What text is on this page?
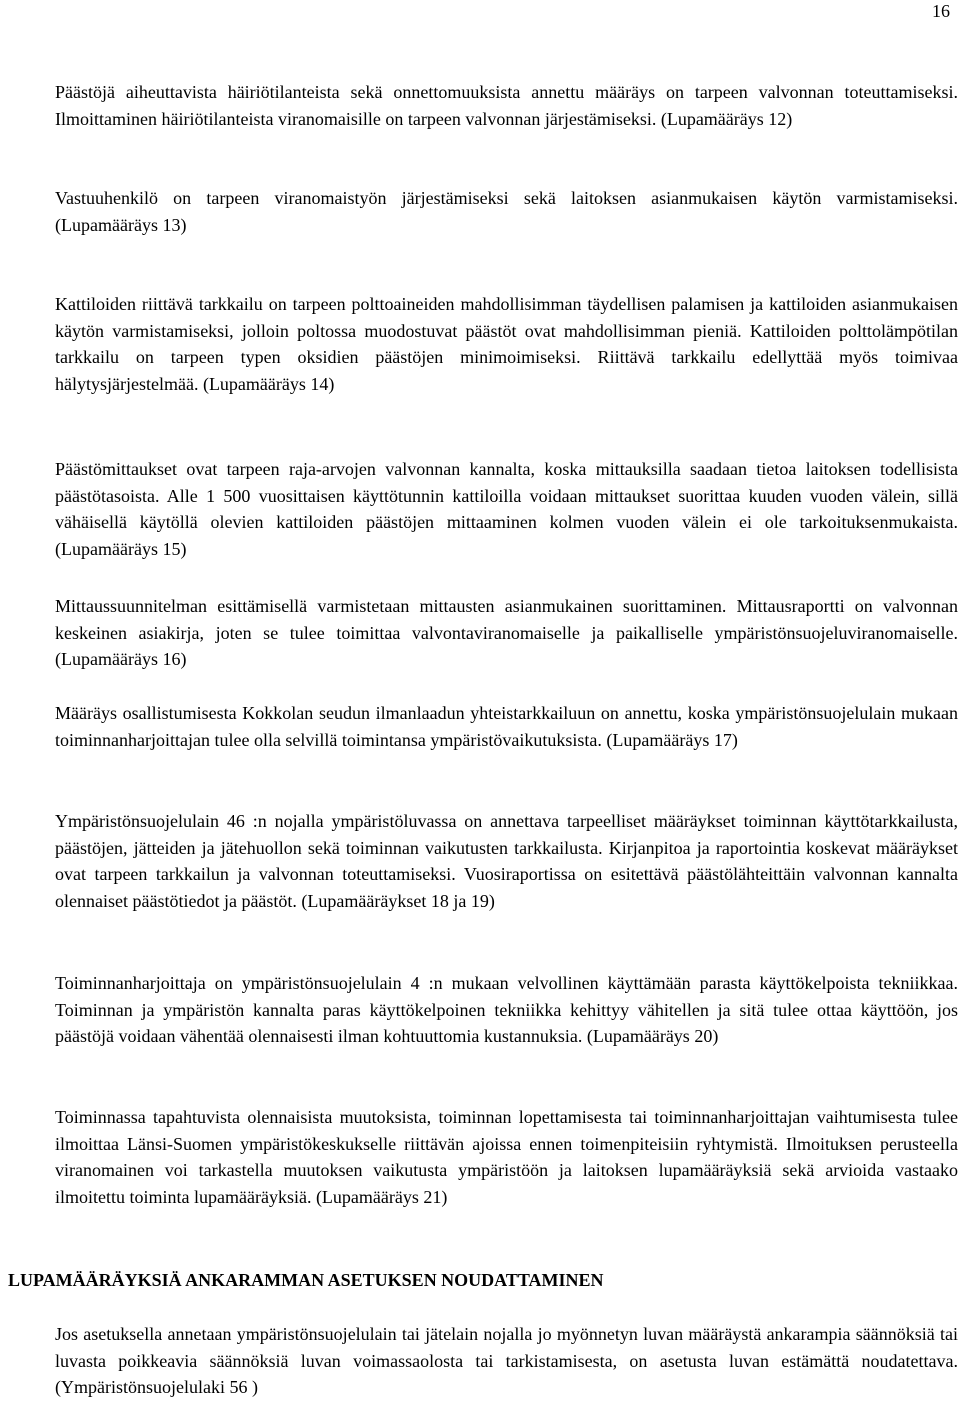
16

Päästöjä aiheuttavista häiriötilanteista sekä onnettomuuksista annettu määräys on tarpeen valvonnan toteuttamiseksi. Ilmoittaminen häiriötilanteista viranomaisille on tarpeen valvonnan järjestämiseksi. (Lupamääräys 12)

Vastuuhenkilö on tarpeen viranomaistyön järjestämiseksi sekä laitoksen asianmukaisen käytön varmistamiseksi. (Lupamääräys 13)

Kattiloiden riittävä tarkkailu on tarpeen polttoaineiden mahdollisimman täydellisen palamisen ja kattiloiden asianmukaisen käytön varmistamiseksi, jolloin poltossa muodostuvat päästöt ovat mahdollisimman pieniä. Kattiloiden polttolämpötilan tarkkailu on tarpeen typen oksidien päästöjen minimoimiseksi. Riittävä tarkkailu edellyttää myös toimivaa hälytysjärjestelmää. (Lupamääräys 14)

Päästömittaukset ovat tarpeen raja-arvojen valvonnan kannalta, koska mittauksilla saadaan tietoa laitoksen todellisista päästötasoista. Alle 1 500 vuosittaisen käyttötunnin kattiloilla voidaan mittaukset suorittaa kuuden vuoden välein, sillä vähäisellä käytöllä olevien kattiloiden päästöjen mittaaminen kolmen vuoden välein ei ole tarkoituksenmukaista. (Lupamääräys 15)

Mittaussuunnitelman esittämisellä varmistetaan mittausten asianmukainen suorittaminen. Mittausraportti on valvonnan keskeinen asiakirja, joten se tulee toimittaa valvontaviranomaiselle ja paikalliselle ympäristönsuojeluviranomaiselle. (Lupamääräys 16)

Määräys osallistumisesta Kokkolan seudun ilmanlaadun yhteistarkkailuun on annettu, koska ympäristönsuojelulain mukaan toiminnanharjoittajan tulee olla selvillä toimintansa ympäristövaikutuksista. (Lupamääräys 17)

Ympäristönsuojelulain 46 :n nojalla ympäristöluvassa on annettava tarpeelliset määräykset toiminnan käyttötarkkailusta, päästöjen, jätteiden ja jätehuollon sekä toiminnan vaikutusten tarkkailusta. Kirjanpitoa ja raportointia koskevat määräykset ovat tarpeen tarkkailun ja valvonnan toteuttamiseksi. Vuosiraportissa on esitettävä päästölähteittäin valvonnan kannalta olennaiset päästötiedot ja päästöt. (Lupamääräykset 18 ja 19)

Toiminnanharjoittaja on ympäristönsuojelulain 4 :n mukaan velvollinen käyttämään parasta käyttökelpoista tekniikkaa. Toiminnan ja ympäristön kannalta paras käyttökelpoinen tekniikka kehittyy vähitellen ja sitä tulee ottaa käyttöön, jos päästöjä voidaan vähentää olennaisesti ilman kohtuuttomia kustannuksia. (Lupamääräys 20)

Toiminnassa tapahtuvista olennaisista muutoksista, toiminnan lopettamisesta tai toiminnanharjoittajan vaihtumisesta tulee ilmoittaa Länsi-Suomen ympäristökeskukselle riittävän ajoissa ennen toimenpiteisiin ryhtymistä. Ilmoituksen perusteella viranomainen voi tarkastella muutoksen vaikutusta ympäristöön ja laitoksen lupamääräyksiä sekä arvioida vastaako ilmoitettu toiminta lupamääräyksiä. (Lupamääräys 21)

LUPAMÄÄRÄYKSIÄ ANKARAMMAN ASETUKSEN NOUDATTAMINEN

Jos asetuksella annetaan ympäristönsuojelulain tai jätelain nojalla jo myönnetyn luvan määräystä ankarampia säännöksiä tai luvasta poikkeavia säännöksiä luvan voimassaolosta tai tarkistamisesta, on asetusta luvan estämättä noudatettava. (Ympäristönsuojelulaki 56 )
